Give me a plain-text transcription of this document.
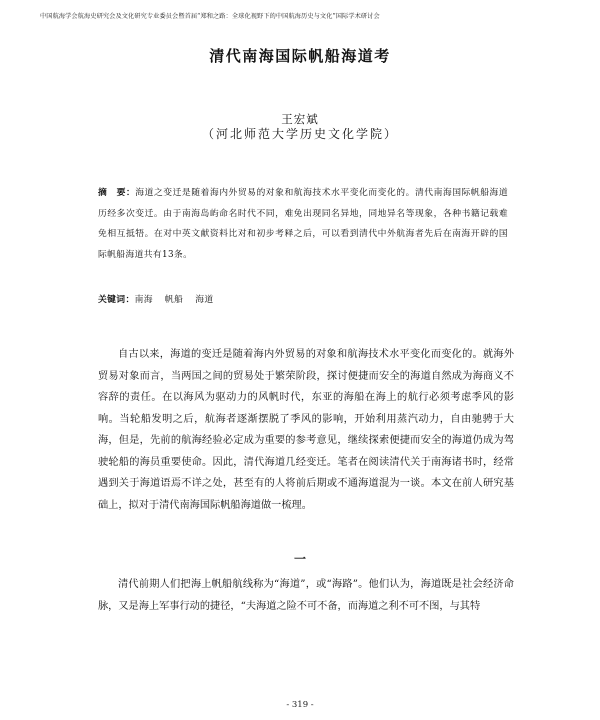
中国航海学会航海史研究会及文化研究专业委员会暨首届“郑和之路：全球化视野下的中国航海历史与文化”国际学术研讨会
清代南海国际帆船海道考
王宏斌
（河北师范大学历史文化学院）
摘　要：海道之变迁是随着海内外贸易的对象和航海技术水平变化而变化的。清代南海国际帆船海道历经多次变迁。由于南海岛屿命名时代不同，难免出现同名异地，同地异名等现象，各种书籍记载难免相互抵牾。在对中英文献资料比对和初步考释之后，可以看到清代中外航海者先后在南海开辟的国际帆船海道共有13条。
关键词：南海 帆船 海道
自古以来，海道的变迁是随着海内外贸易的对象和航海技术水平变化而变化的。就海外贸易对象而言，当两国之间的贸易处于繁荣阶段，探讨便捷而安全的海道自然成为海商义不容辞的责任。在以海风为驱动力的风帆时代，东亚的海船在海上的航行必须考虑季风的影响。当轮船发明之后，航海者逐渐摆脱了季风的影响，开始利用蒸汽动力，自由驰骋于大海，但是，先前的航海经验必定成为重要的参考意见，继续探索便捷而安全的海道仍成为驾驶轮船的海员重要使命。因此，清代海道几经变迁。笔者在阅读清代关于南海诸书时，经常遇到关于海道语焉不详之处，甚至有的人将前后期或不通海道混为一谈。本文在前人研究基础上，拟对于清代南海国际帆船海道做一梳理。
一
清代前期人们把海上帆船航线称为“海道”，或“海路”。他们认为，海道既是社会经济命脉，又是海上军事行动的捷径，“夫海道之险不可不备，而海道之利不可不图，与其特
- 319 -
